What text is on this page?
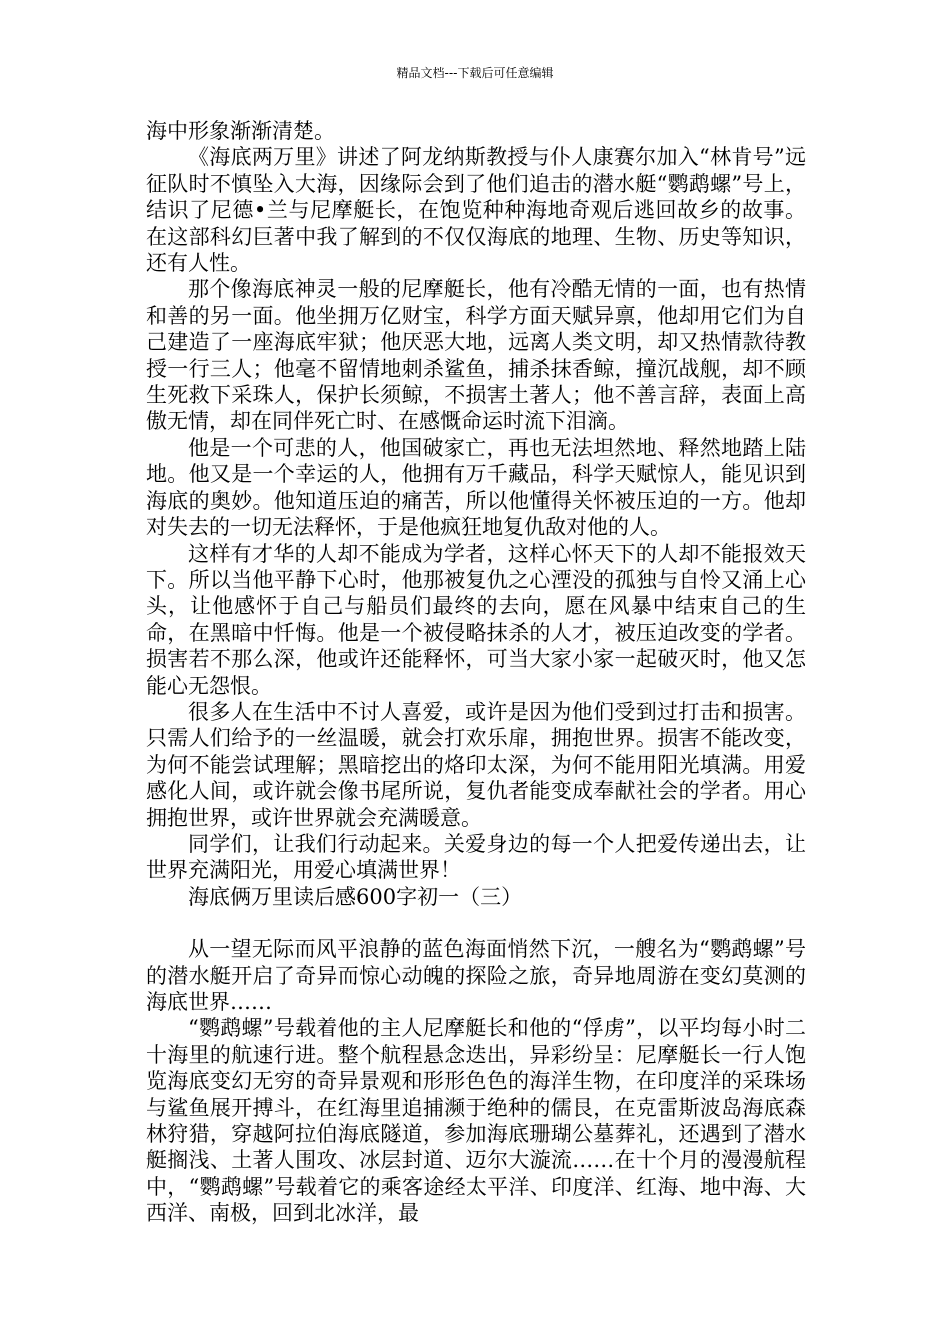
精品文档---下载后可任意编辑

海中形象渐渐清楚。

《海底两万里》讲述了阿龙纳斯教授与仆人康赛尔加入“林肯号”远征队时不慎坠入大海，因缘际会到了他们追击的潜水艇“鹦鹉螺”号上，结识了尼德•兰与尼摩艇长，在饱览种种海地奇观后逃回故乡的故事。在这部科幻巨著中我了解到的不仅仅海底的地理、生物、历史等知识，还有人性。

那个像海底神灵一般的尼摩艇长，他有冷酷无情的一面，也有热情和善的另一面。他坐拥万亿财宝，科学方面天赋异禀，他却用它们为自己建造了一座海底牢狱；他厌恶大地，远离人类文明，却又热情款待教授一行三人；他毫不留情地刺杀鲨鱼，捕杀抹香鲸，撞沉战舰，却不顾生死救下采珠人，保护长须鲸，不损害土著人；他不善言辞，表面上高傲无情，却在同伴死亡时、在感慨命运时流下泪滴。

他是一个可悲的人，他国破家亡，再也无法坦然地、释然地踏上陆地。他又是一个幸运的人，他拥有万千藏品，科学天赋惊人，能见识到海底的奥妙。他知道压迫的痛苦，所以他懂得关怀被压迫的一方。他却对失去的一切无法释怀，于是他疯狂地复仇敌对他的人。

这样有才华的人却不能成为学者，这样心怀天下的人却不能报效天下。所以当他平静下心时，他那被复仇之心湮没的孤独与自怜又涌上心头，让他感怀于自己与船员们最终的去向，愿在风暴中结束自己的生命，在黑暗中忏悔。他是一个被侵略抹杀的人才，被压迫改变的学者。损害若不那么深，他或许还能释怀，可当大家小家一起破灭时，他又怎能心无怨恨。

很多人在生活中不讨人喜爱，或许是因为他们受到过打击和损害。只需人们给予的一丝温暖，就会打欢乐扉，拥抱世界。损害不能改变，为何不能尝试理解；黑暗挖出的烙印太深，为何不能用阳光填满。用爱感化人间，或许就会像书尾所说，复仇者能变成奉献社会的学者。用心拥抱世界，或许世界就会充满暖意。

同学们，让我们行动起来。关爱身边的每一个人把爱传递出去，让世界充满阳光，用爱心填满世界！

海底俩万里读后感600字初一（三）

从一望无际而风平浪静的蓝色海面悄然下沉，一艘名为“鹦鹉螺”号的潜水艇开启了奇异而惊心动魄的探险之旅，奇异地周游在变幻莫测的海底世界……

“鹦鹉螺”号载着他的主人尼摩艇长和他的“俘虏”，以平均每小时二十海里的航速行进。整个航程悬念迭出，异彩纷呈：尼摩艇长一行人饱览海底变幻无穷的奇异景观和形形色色的海洋生物，在印度洋的采珠场与鲨鱼展开搏斗，在红海里追捕濒于绝种的儒艮，在克雷斯波岛海底森林狩猎，穿越阿拉伯海底隧道，参加海底珊瑚公墓葬礼，还遇到了潜水艇搁浅、土著人围攻、冰层封道、迈尔大漩流……在十个月的漫漫航程中，“鹦鹉螺”号载着它的乘客途经太平洋、印度洋、红海、地中海、大西洋、南极，回到北冰洋，最
